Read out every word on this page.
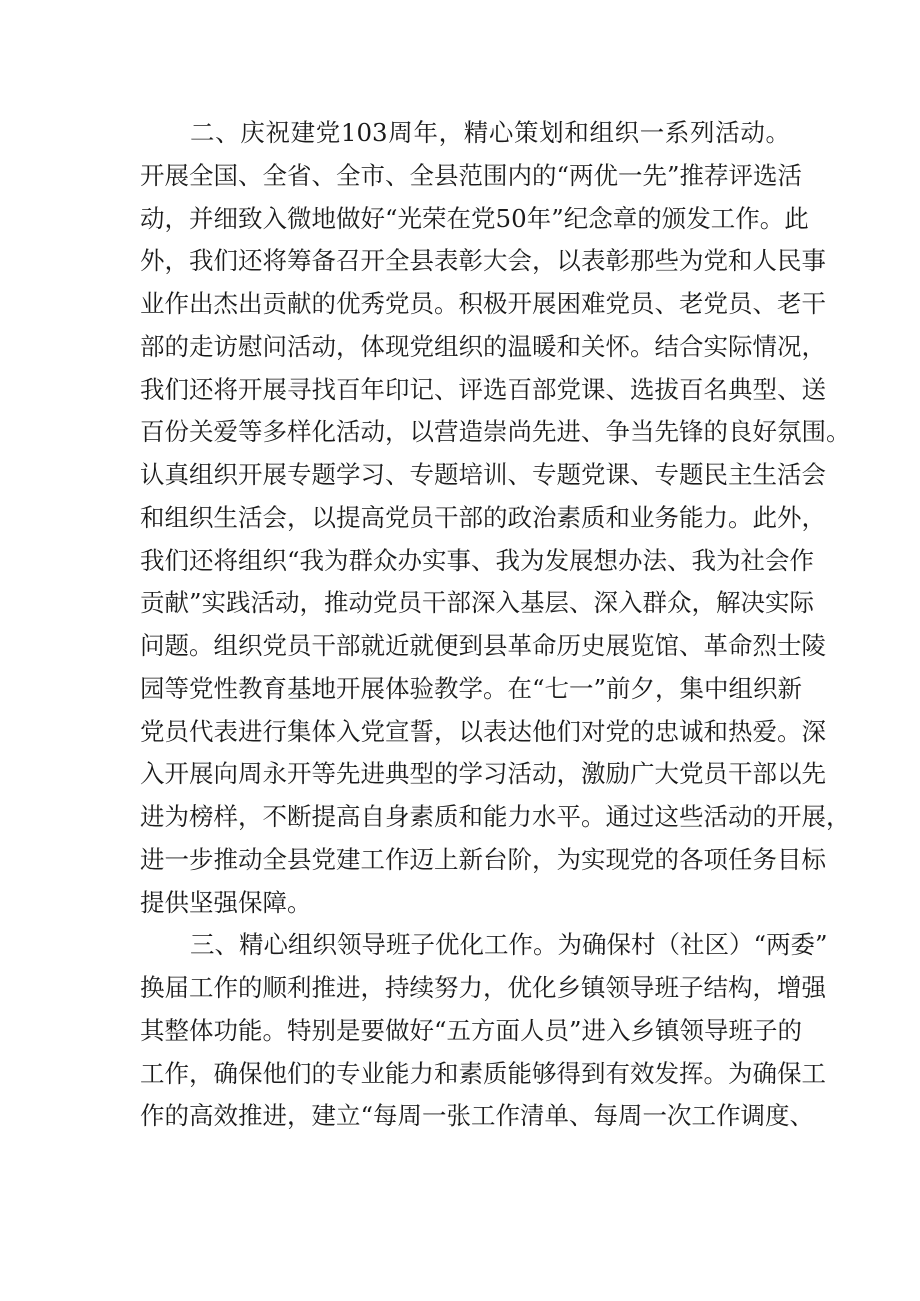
二、庆祝建党103周年，精心策划和组织一系列活动。
开展全国、全省、全市、全县范围内的“两优一先”推荐评选活
动，并细致入微地做好“光荣在党50年”纪念章的颁发工作。此
外，我们还将筹备召开全县表彰大会，以表彰那些为党和人民事
业作出杰出贡献的优秀党员。积极开展困难党员、老党员、老干
部的走访慰问活动，体现党组织的温暖和关怀。结合实际情况，
我们还将开展寻找百年印记、评选百部党课、选拔百名典型、送
百份关爱等多样化活动，以营造崇尚先进、争当先锋的良好氛围。
认真组织开展专题学习、专题培训、专题党课、专题民主生活会
和组织生活会，以提高党员干部的政治素质和业务能力。此外，
我们还将组织“我为群众办实事、我为发展想办法、我为社会作
贡献”实践活动，推动党员干部深入基层、深入群众，解决实际
问题。组织党员干部就近就便到县革命历史展览馆、革命烈士陵
园等党性教育基地开展体验教学。在“七一”前夕，集中组织新
党员代表进行集体入党宣誓，以表达他们对党的忠诚和热爱。深
入开展向周永开等先进典型的学习活动，激励广大党员干部以先
进为榜样，不断提高自身素质和能力水平。通过这些活动的开展，
进一步推动全县党建工作迈上新台阶，为实现党的各项任务目标
提供坚强保障。
三、精心组织领导班子优化工作。为确保村（社区）“两委”
换届工作的顺利推进，持续努力，优化乡镇领导班子结构，增强
其整体功能。特别是要做好“五方面人员”进入乡镇领导班子的
工作，确保他们的专业能力和素质能够得到有效发挥。为确保工
作的高效推进，建立“每周一张工作清单、每周一次工作调度、
